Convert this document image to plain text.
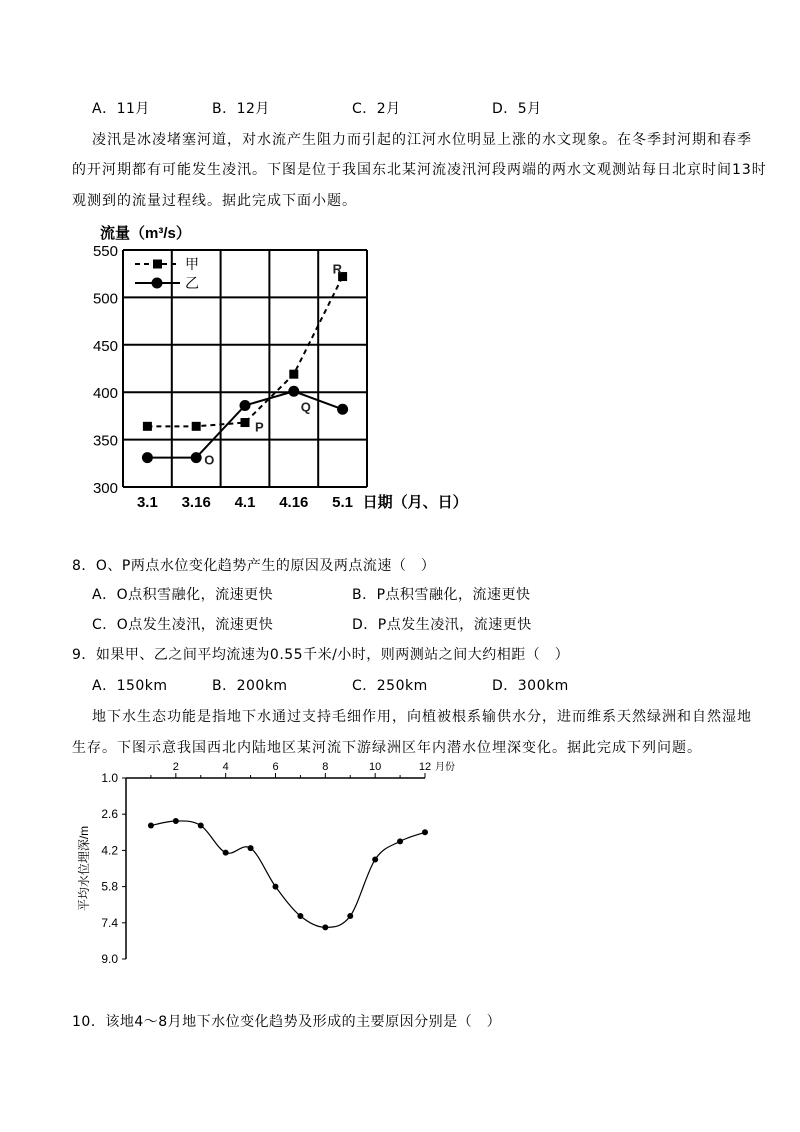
A．11月	B．12月	C．2月	D．5月
凌汛是冰凌堵塞河道，对水流产生阻力而引起的江河水位明显上涨的水文现象。在冬季封河期和春季
的开河期都有可能发生凌汛。下图是位于我国东北某河流凌汛河段两端的两水文观测站每日北京时间13时
观测到的流量过程线。据此完成下面小题。
550
500
450
400
350
300
流量（m³/s）
3.1 3.16 4.1 4.16 5.1 日期（月、日）
R
P
Q
O
甲
乙
8．O、P两点水位变化趋势产生的原因及两点流速（　）
A．O点积雪融化，流速更快	B．P点积雪融化，流速更快
C．O点发生凌汛，流速更快	D．P点发生凌汛，流速更快
9．如果甲、乙之间平均流速为0.55千米/小时，则两测站之间大约相距（　）
A．150km	B．200km	C．250km	D．300km
地下水生态功能是指地下水通过支持毛细作用，向植被根系输供水分，进而维系天然绿洲和自然湿地
生存。下图示意我国西北内陆地区某河流下游绿洲区年内潜水位埋深变化。据此完成下列问题。
2	4	6	8	10	12 月份
1.0
2.6
4.2
5.8
7.4
9.0
平均水位埋深/m
10．该地4～8月地下水位变化趋势及形成的主要原因分别是（　）
